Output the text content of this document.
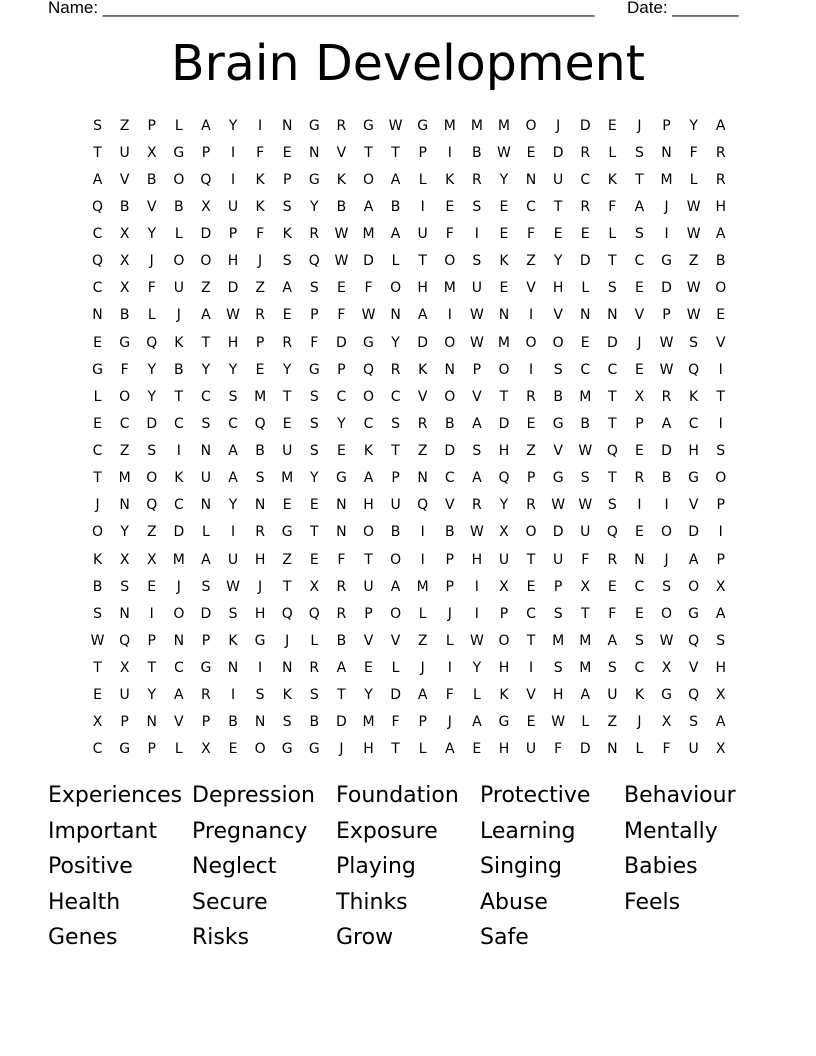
Name: ____________________________________________________ Date: _______
Brain Development
S	Z	P	L	A	Y	I	N	G	R	G	W	G	M	M	M	O	J	D	E	J	P	Y	A
T	U	X	G	P	I	F	E	N	V	T	T	P	I	B	W	E	D	R	L	S	N	F	R
A	V	B	O	Q	I	K	P	G	K	O	A	L	K	R	Y	N	U	C	K	T	M	L	R
Q	B	V	B	X	U	K	S	Y	B	A	B	I	E	S	E	C	T	R	F	A	J	W	H
C	X	Y	L	D	P	F	K	R	W	M	A	U	F	I	E	F	E	E	L	S	I	W	A
Q	X	J	O	O	H	J	S	Q	W	D	L	T	O	S	K	Z	Y	D	T	C	G	Z	B
C	X	F	U	Z	D	Z	A	S	E	F	O	H	M	U	E	V	H	L	S	E	D	W	O
N	B	L	J	A	W	R	E	P	F	W	N	A	I	W	N	I	V	N	N	V	P	W	E
E	G	Q	K	T	H	P	R	F	D	G	Y	D	O	W	M	O	O	E	D	J	W	S	V
G	F	Y	B	Y	Y	E	Y	G	P	Q	R	K	N	P	O	I	S	C	C	E	W	Q	I
L	O	Y	T	C	S	M	T	S	C	O	C	V	O	V	T	R	B	M	T	X	R	K	T
E	C	D	C	S	C	Q	E	S	Y	C	S	R	B	A	D	E	G	B	T	P	A	C	I
C	Z	S	I	N	A	B	U	S	E	K	T	Z	D	S	H	Z	V	W	Q	E	D	H	S
T	M	O	K	U	A	S	M	Y	G	A	P	N	C	A	Q	P	G	S	T	R	B	G	O
J	N	Q	C	N	Y	N	E	E	N	H	U	Q	V	R	Y	R	W W	S	I	I	V	P
O	Y	Z	D	L	I	R	G	T	N	O	B	I	B	W	X	O	D	U	Q	E	O	D	I
K	X	X	M	A	U	H	Z	E	F	T	O	I	P	H	U	T	U	F	R	N	J	A	P
B	S	E	J	S	W	J	T	X	R	U	A	M	P	I	X	E	P	X	E	C	S	O	X
S	N	I	O	D	S	H	Q	Q	R	P	O	L	J	I	P	C	S	T	F	E	O	G	A
W	Q	P	N	P	K	G	J	L	B	V	V	Z	L	W	O	T	M	M	A	S	W	Q	S
T	X	T	C	G	N	I	N	R	A	E	L	J	I	Y	H	I	S	M	S	C	X	V	H
E	U	Y	A	R	I	S	K	S	T	Y	D	A	F	L	K	V	H	A	U	K	G	Q	X
X	P	N	V	P	B	N	S	B	D	M	F	P	J	A	G	E	W	L	Z	J	X	S	A
C	G	P	L	X	E	O	G	G	J	H	T	L	A	E	H	U	F	D	N	L	F	U	X
Experiences Depression Foundation Protective	Behaviour
Important	Pregnancy	Exposure	Learning	Mentally
Positive	Neglect	Playing	Singing	Babies
Health	Secure	Thinks	Abuse	Feels
Genes	Risks	Grow	Safe
